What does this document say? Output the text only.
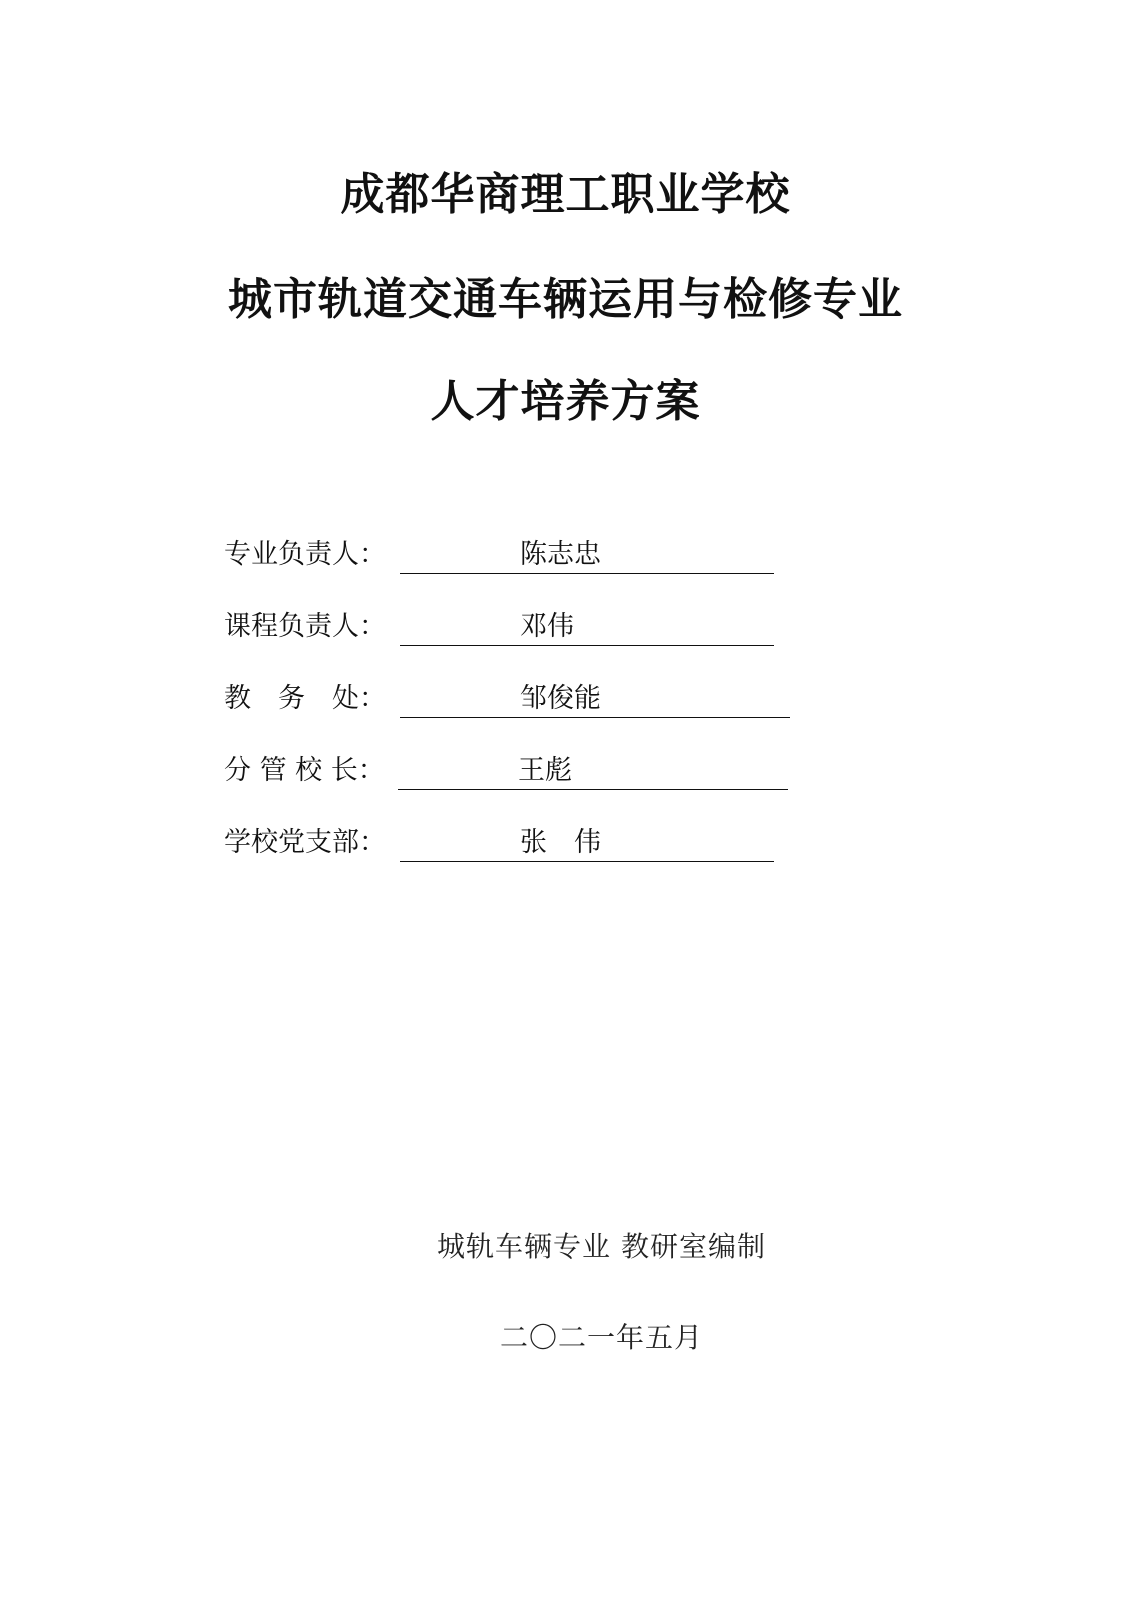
成都华商理工职业学校
城市轨道交通车辆运用与检修专业
人才培养方案
专业负责人：	陈志忠
课程负责人：	邓伟
教　务　处：	邹俊能
分 管 校 长：	王彪
学校党支部：	张　伟
城轨车辆专业 教研室编制
二〇二一年五月
